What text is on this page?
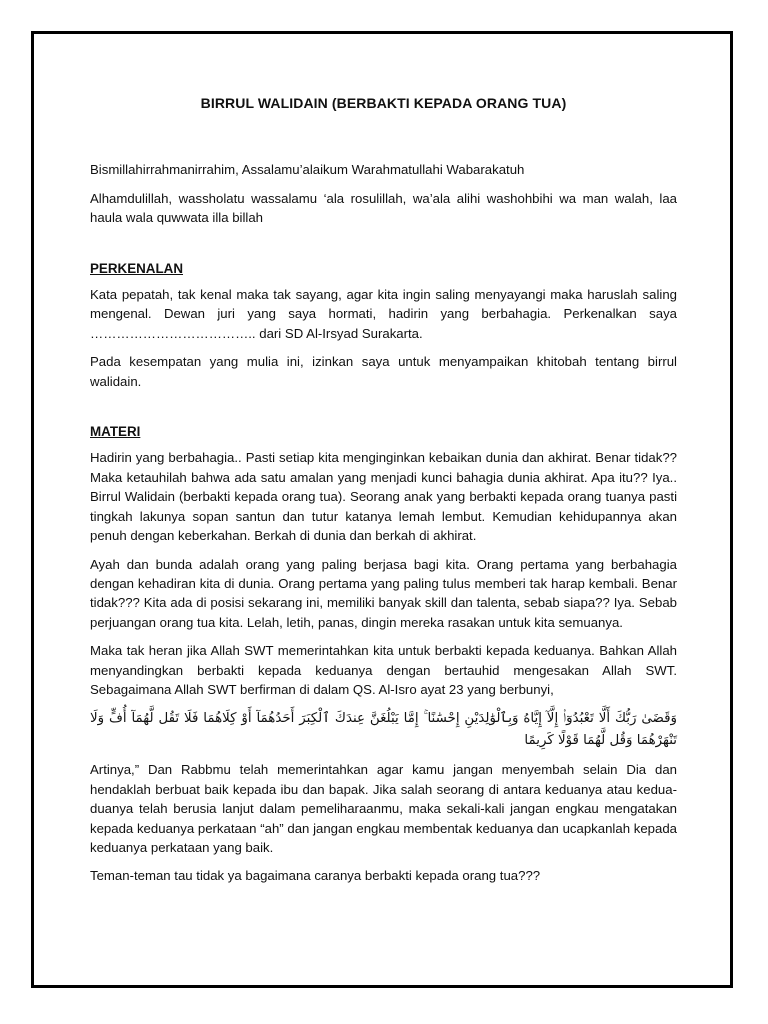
BIRRUL WALIDAIN (BERBAKTI KEPADA ORANG TUA)

Bismillahirrahmanirrahim, Assalamu’alaikum Warahmatullahi Wabarakatuh

Alhamdulillah, wassholatu wassalamu ‘ala rosulillah, wa’ala alihi washohbihi wa man walah, laa haula wala quwwata illa billah

PERKENALAN

Kata pepatah, tak kenal maka tak sayang, agar kita ingin saling menyayangi maka haruslah saling mengenal. Dewan juri yang saya hormati, hadirin yang berbahagia. Perkenalkan saya ……………………………….. dari SD Al-Irsyad Surakarta.

Pada kesempatan yang mulia ini, izinkan saya untuk menyampaikan khitobah tentang birrul walidain.

MATERI

Hadirin yang berbahagia.. Pasti setiap kita menginginkan kebaikan dunia dan akhirat. Benar tidak?? Maka ketauhilah bahwa ada satu amalan yang menjadi kunci bahagia dunia akhirat. Apa itu?? Iya.. Birrul Walidain (berbakti kepada orang tua). Seorang anak yang berbakti kepada orang tuanya pasti tingkah lakunya sopan santun dan tutur katanya lemah lembut. Kemudian kehidupannya akan penuh dengan keberkahan. Berkah di dunia dan berkah di akhirat.

Ayah dan bunda adalah orang yang paling berjasa bagi kita. Orang pertama yang berbahagia dengan kehadiran kita di dunia. Orang pertama yang paling tulus memberi tak harap kembali. Benar tidak??? Kita ada di posisi sekarang ini, memiliki banyak skill dan talenta, sebab siapa?? Iya. Sebab perjuangan orang tua kita. Lelah, letih, panas, dingin mereka rasakan untuk kita semuanya.

Maka tak heran jika Allah SWT memerintahkan kita untuk berbakti kepada keduanya. Bahkan Allah menyandingkan berbakti kepada keduanya dengan bertauhid mengesakan Allah SWT. Sebagaimana Allah SWT berfirman di dalam QS. Al-Isro ayat 23 yang berbunyi,

وَقَضَىٰ رَبُّكَ أَلَّا تَعْبُدُوٓا۟ إِلَّآ إِيَّاهُ وَبِٱلْوَٰلِدَيْنِ إِحْسَٰنًا ۚ إِمَّا يَبْلُغَنَّ عِندَكَ ٱلْكِبَرَ أَحَدُهُمَآ أَوْ كِلَاهُمَا فَلَا تَقُل لَّهُمَآ أُفٍّ وَلَا تَنْهَرْهُمَا وَقُل لَّهُمَا قَوْلًا كَرِيمًا

Artinya,” Dan Rabbmu telah memerintahkan agar kamu jangan menyembah selain Dia dan hendaklah berbuat baik kepada ibu dan bapak. Jika salah seorang di antara keduanya atau kedua-duanya telah berusia lanjut dalam pemeliharaanmu, maka sekali-kali jangan engkau mengatakan kepada keduanya perkataan “ah” dan jangan engkau membentak keduanya dan ucapkanlah kepada keduanya perkataan yang baik.

Teman-teman tau tidak ya bagaimana caranya berbakti kepada orang tua???
